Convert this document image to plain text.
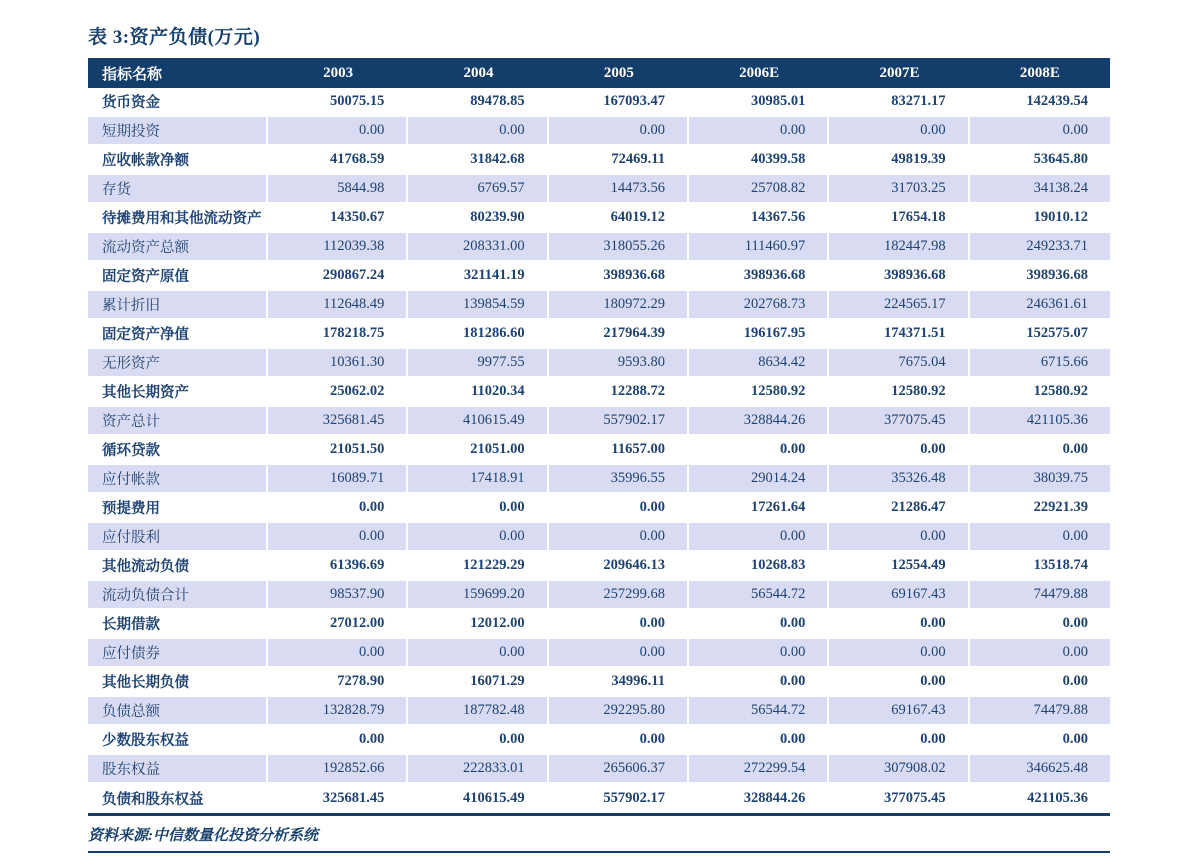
表 3:资产负债(万元)
指标名称	2003	2004	2005	2006E	2007E	2008E
货币资金	50075.15	89478.85	167093.47	30985.01	83271.17	142439.54
短期投资	0.00	0.00	0.00	0.00	0.00	0.00
应收帐款净额	41768.59	31842.68	72469.11	40399.58	49819.39	53645.80
存货	5844.98	6769.57	14473.56	25708.82	31703.25	34138.24
待摊费用和其他流动资产	14350.67	80239.90	64019.12	14367.56	17654.18	19010.12
流动资产总额	112039.38	208331.00	318055.26	111460.97	182447.98	249233.71
固定资产原值	290867.24	321141.19	398936.68	398936.68	398936.68	398936.68
累计折旧	112648.49	139854.59	180972.29	202768.73	224565.17	246361.61
固定资产净值	178218.75	181286.60	217964.39	196167.95	174371.51	152575.07
无形资产	10361.30	9977.55	9593.80	8634.42	7675.04	6715.66
其他长期资产	25062.02	11020.34	12288.72	12580.92	12580.92	12580.92
资产总计	325681.45	410615.49	557902.17	328844.26	377075.45	421105.36
循环贷款	21051.50	21051.00	11657.00	0.00	0.00	0.00
应付帐款	16089.71	17418.91	35996.55	29014.24	35326.48	38039.75
预提费用	0.00	0.00	0.00	17261.64	21286.47	22921.39
应付股利	0.00	0.00	0.00	0.00	0.00	0.00
其他流动负债	61396.69	121229.29	209646.13	10268.83	12554.49	13518.74
流动负债合计	98537.90	159699.20	257299.68	56544.72	69167.43	74479.88
长期借款	27012.00	12012.00	0.00	0.00	0.00	0.00
应付债券	0.00	0.00	0.00	0.00	0.00	0.00
其他长期负债	7278.90	16071.29	34996.11	0.00	0.00	0.00
负债总额	132828.79	187782.48	292295.80	56544.72	69167.43	74479.88
少数股东权益	0.00	0.00	0.00	0.00	0.00	0.00
股东权益	192852.66	222833.01	265606.37	272299.54	307908.02	346625.48
负债和股东权益	325681.45	410615.49	557902.17	328844.26	377075.45	421105.36
资料来源:中信数量化投资分析系统
